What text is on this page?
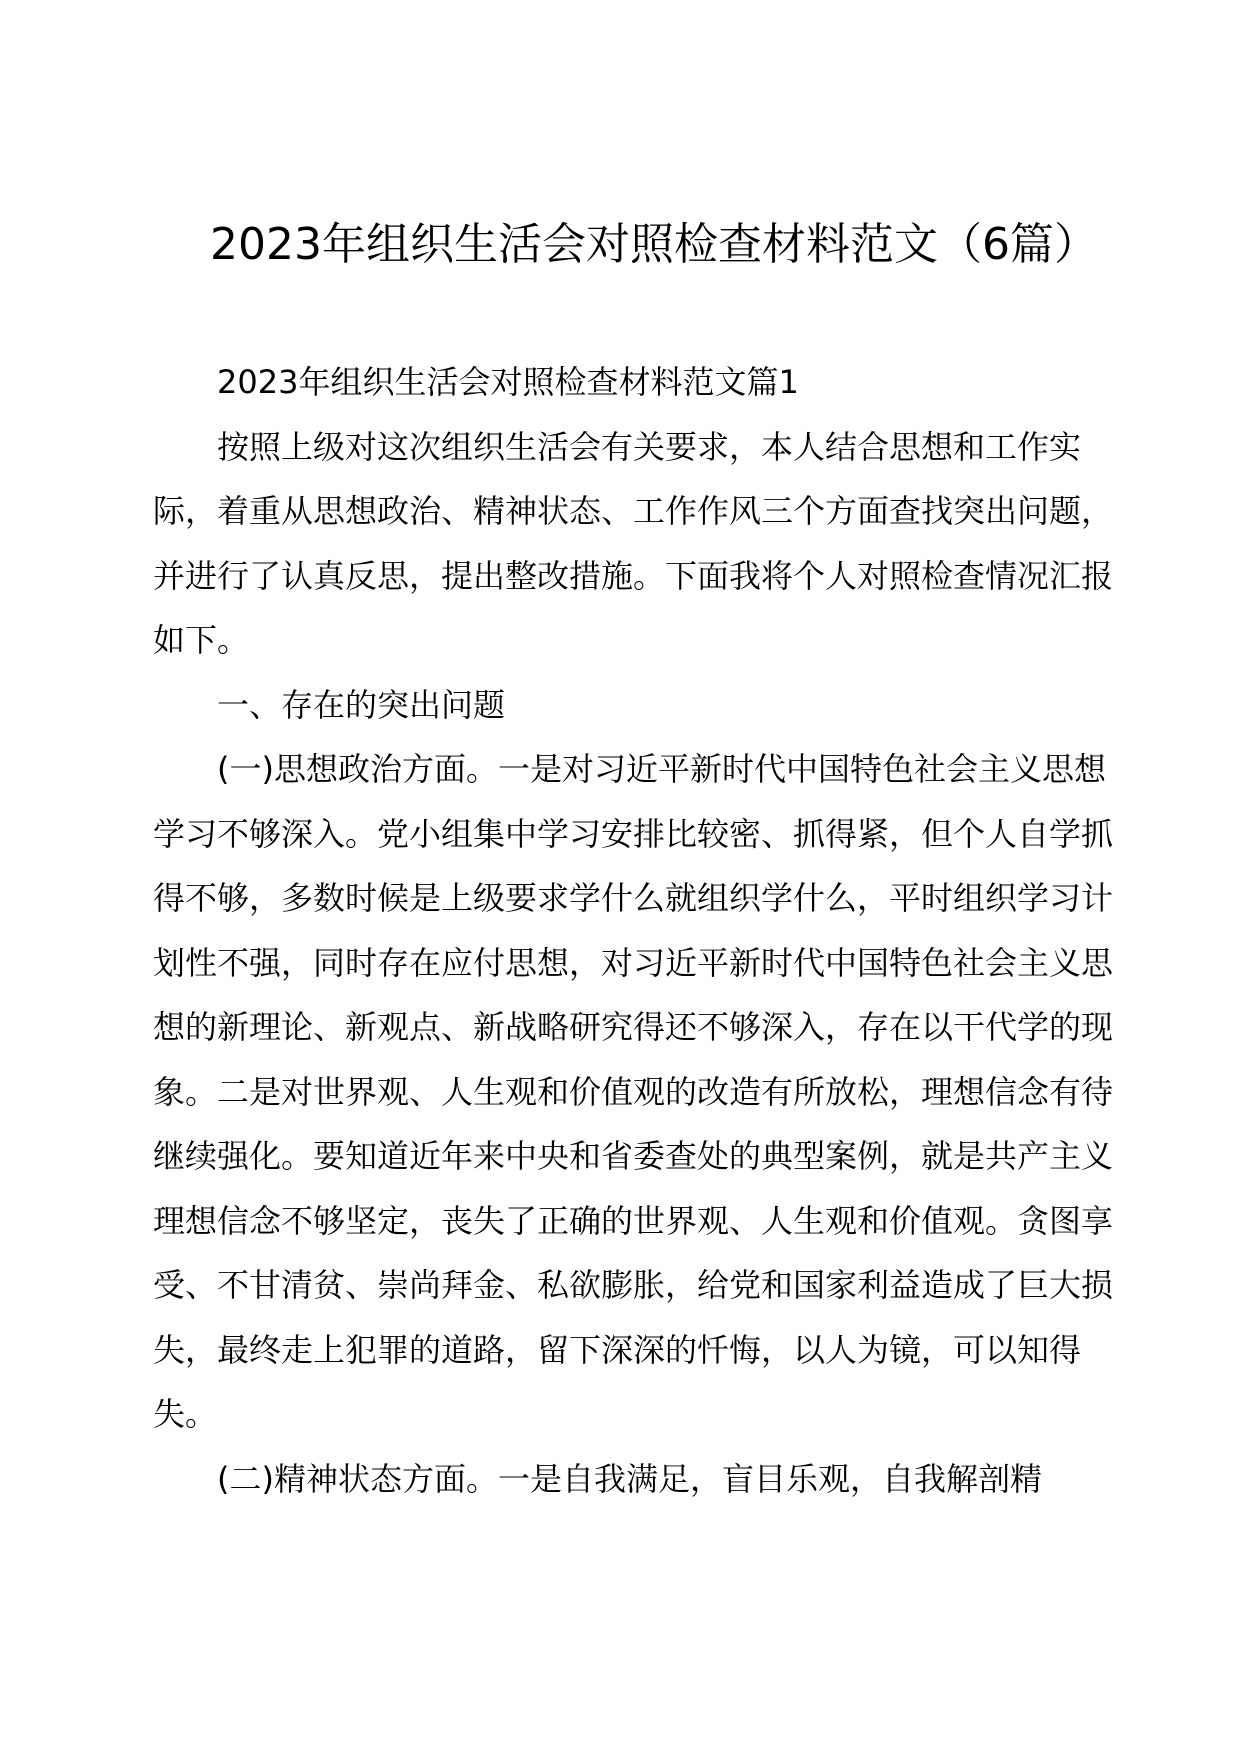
2023年组织生活会对照检查材料范文（6篇）

2023年组织生活会对照检查材料范文篇1

按照上级对这次组织生活会有关要求，本人结合思想和工作实际，着重从思想政治、精神状态、工作作风三个方面查找突出问题，并进行了认真反思，提出整改措施。下面我将个人对照检查情况汇报如下。

一、存在的突出问题

(一)思想政治方面。一是对习近平新时代中国特色社会主义思想学习不够深入。党小组集中学习安排比较密、抓得紧，但个人自学抓得不够，多数时候是上级要求学什么就组织学什么，平时组织学习计划性不强，同时存在应付思想，对习近平新时代中国特色社会主义思想的新理论、新观点、新战略研究得还不够深入，存在以干代学的现象。二是对世界观、人生观和价值观的改造有所放松，理想信念有待继续强化。要知道近年来中央和省委查处的典型案例，就是共产主义理想信念不够坚定，丧失了正确的世界观、人生观和价值观。贪图享受、不甘清贫、崇尚拜金、私欲膨胀，给党和国家利益造成了巨大损失，最终走上犯罪的道路，留下深深的忏悔，以人为镜，可以知得失。

(二)精神状态方面。一是自我满足，盲目乐观，自我解剖精
